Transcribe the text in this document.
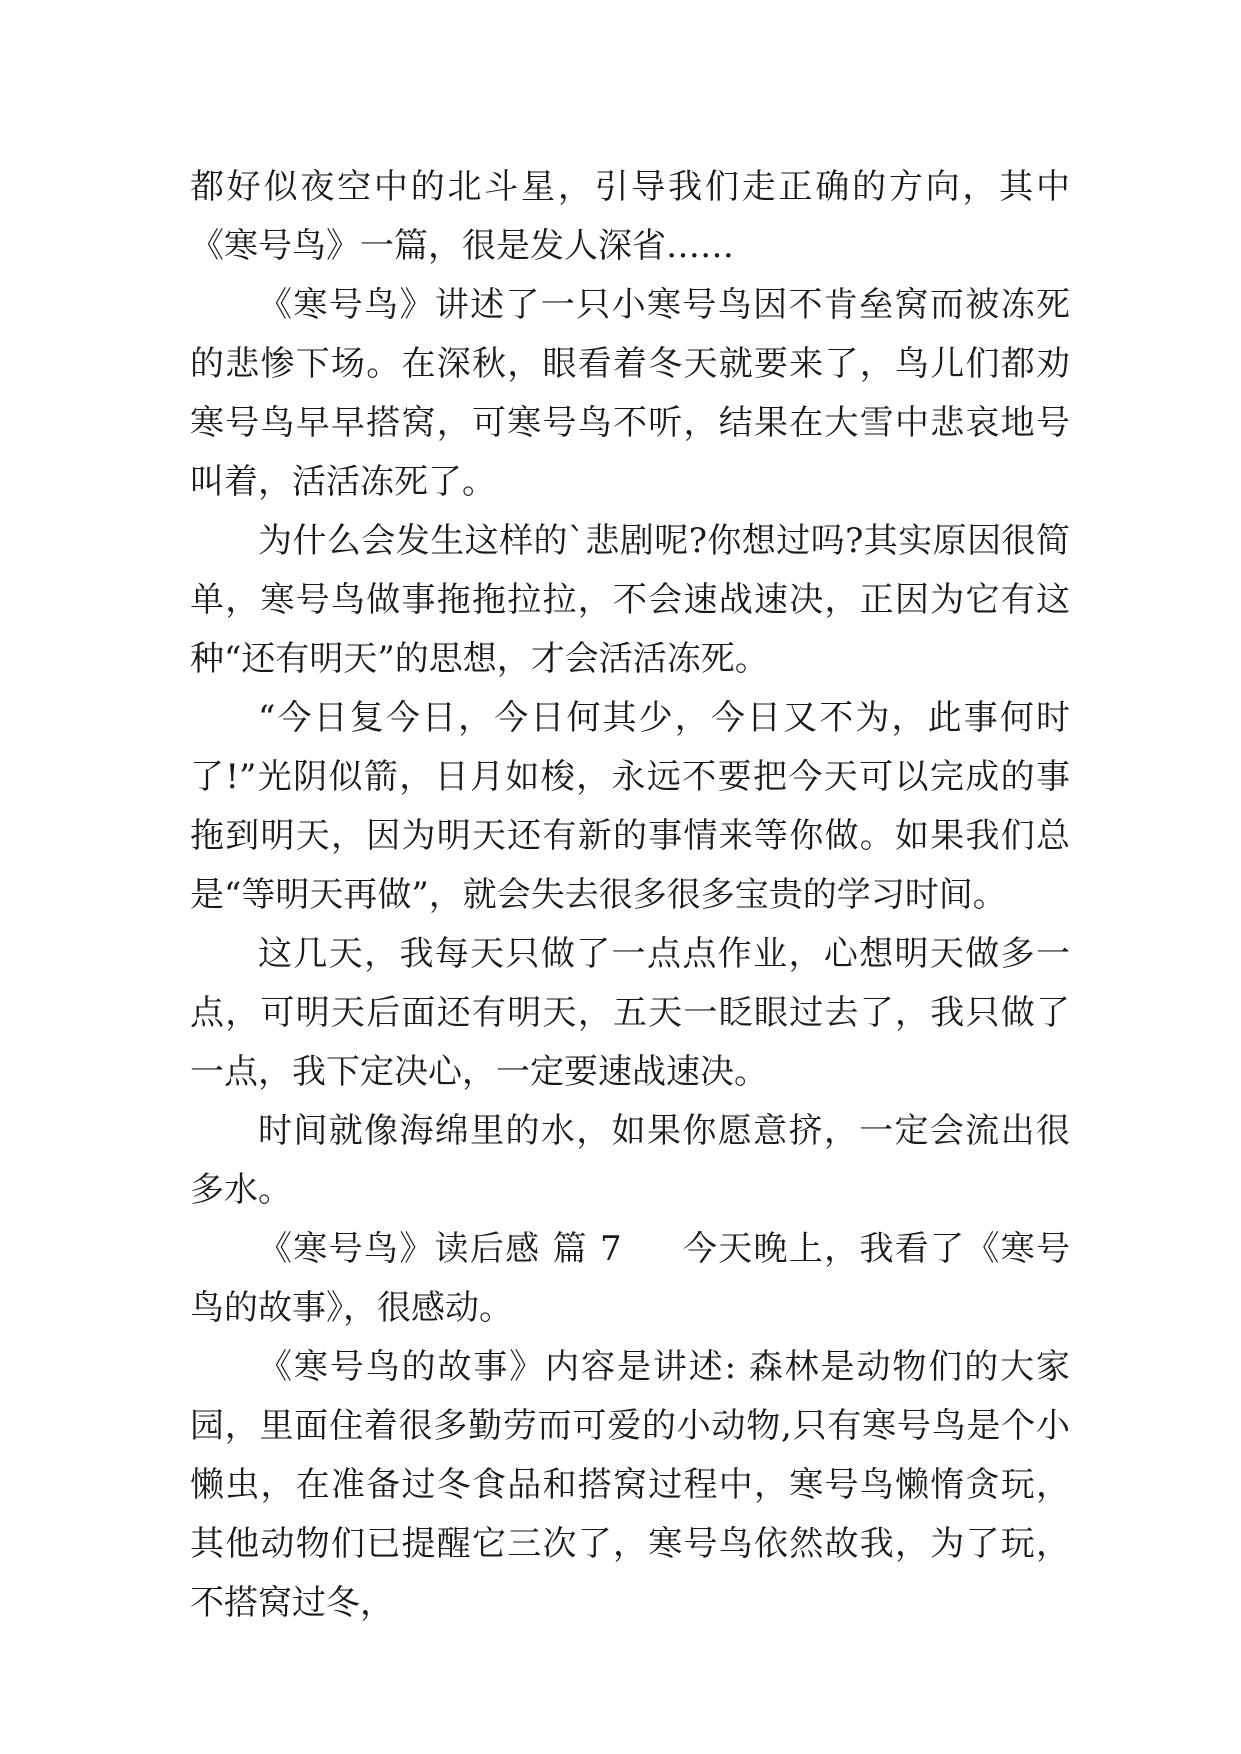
都好似夜空中的北斗星，引导我们走正确的方向，其中《寒号鸟》一篇，很是发人深省……

《寒号鸟》讲述了一只小寒号鸟因不肯垒窝而被冻死的悲惨下场。在深秋，眼看着冬天就要来了，鸟儿们都劝寒号鸟早早搭窝，可寒号鸟不听，结果在大雪中悲哀地号叫着，活活冻死了。

为什么会发生这样的`悲剧呢?你想过吗?其实原因很简单，寒号鸟做事拖拖拉拉，不会速战速决，正因为它有这种“还有明天”的思想，才会活活冻死。

“今日复今日，今日何其少，今日又不为，此事何时了!”光阴似箭，日月如梭，永远不要把今天可以完成的事拖到明天，因为明天还有新的事情来等你做。如果我们总是“等明天再做”，就会失去很多很多宝贵的学习时间。

这几天，我每天只做了一点点作业，心想明天做多一点，可明天后面还有明天，五天一眨眼过去了，我只做了一点，我下定决心，一定要速战速决。

时间就像海绵里的水，如果你愿意挤，一定会流出很多水。

《寒号鸟》读后感 篇 7 今天晚上，我看了《寒号鸟的故事》，很感动。

《寒号鸟的故事》内容是讲述: 森林是动物们的大家园，里面住着很多勤劳而可爱的小动物,只有寒号鸟是个小懒虫，在准备过冬食品和搭窝过程中，寒号鸟懒惰贪玩，其他动物们已提醒它三次了，寒号鸟依然故我，为了玩，不搭窝过冬，
